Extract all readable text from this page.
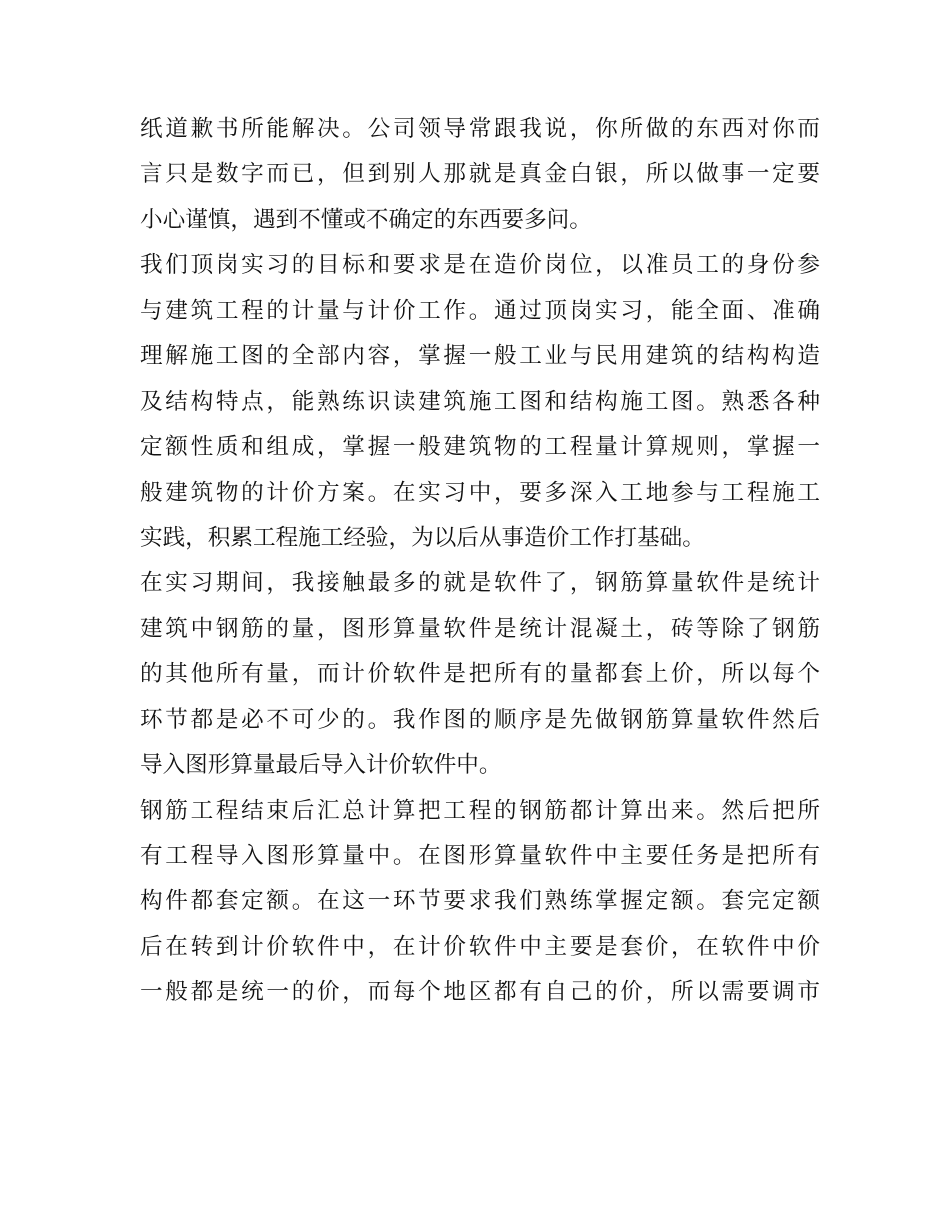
纸道歉书所能解决。公司领导常跟我说，你所做的东西对你而
言只是数字而已，但到别人那就是真金白银，所以做事一定要
小心谨慎，遇到不懂或不确定的东西要多问。
我们顶岗实习的目标和要求是在造价岗位，以准员工的身份参
与建筑工程的计量与计价工作。通过顶岗实习，能全面、准确
理解施工图的全部内容，掌握一般工业与民用建筑的结构构造
及结构特点，能熟练识读建筑施工图和结构施工图。熟悉各种
定额性质和组成，掌握一般建筑物的工程量计算规则，掌握一
般建筑物的计价方案。在实习中，要多深入工地参与工程施工
实践，积累工程施工经验，为以后从事造价工作打基础。
在实习期间，我接触最多的就是软件了，钢筋算量软件是统计
建筑中钢筋的量，图形算量软件是统计混凝土，砖等除了钢筋
的其他所有量，而计价软件是把所有的量都套上价，所以每个
环节都是必不可少的。我作图的顺序是先做钢筋算量软件然后
导入图形算量最后导入计价软件中。
钢筋工程结束后汇总计算把工程的钢筋都计算出来。然后把所
有工程导入图形算量中。在图形算量软件中主要任务是把所有
构件都套定额。在这一环节要求我们熟练掌握定额。套完定额
后在转到计价软件中，在计价软件中主要是套价，在软件中价
一般都是统一的价，而每个地区都有自己的价，所以需要调市
